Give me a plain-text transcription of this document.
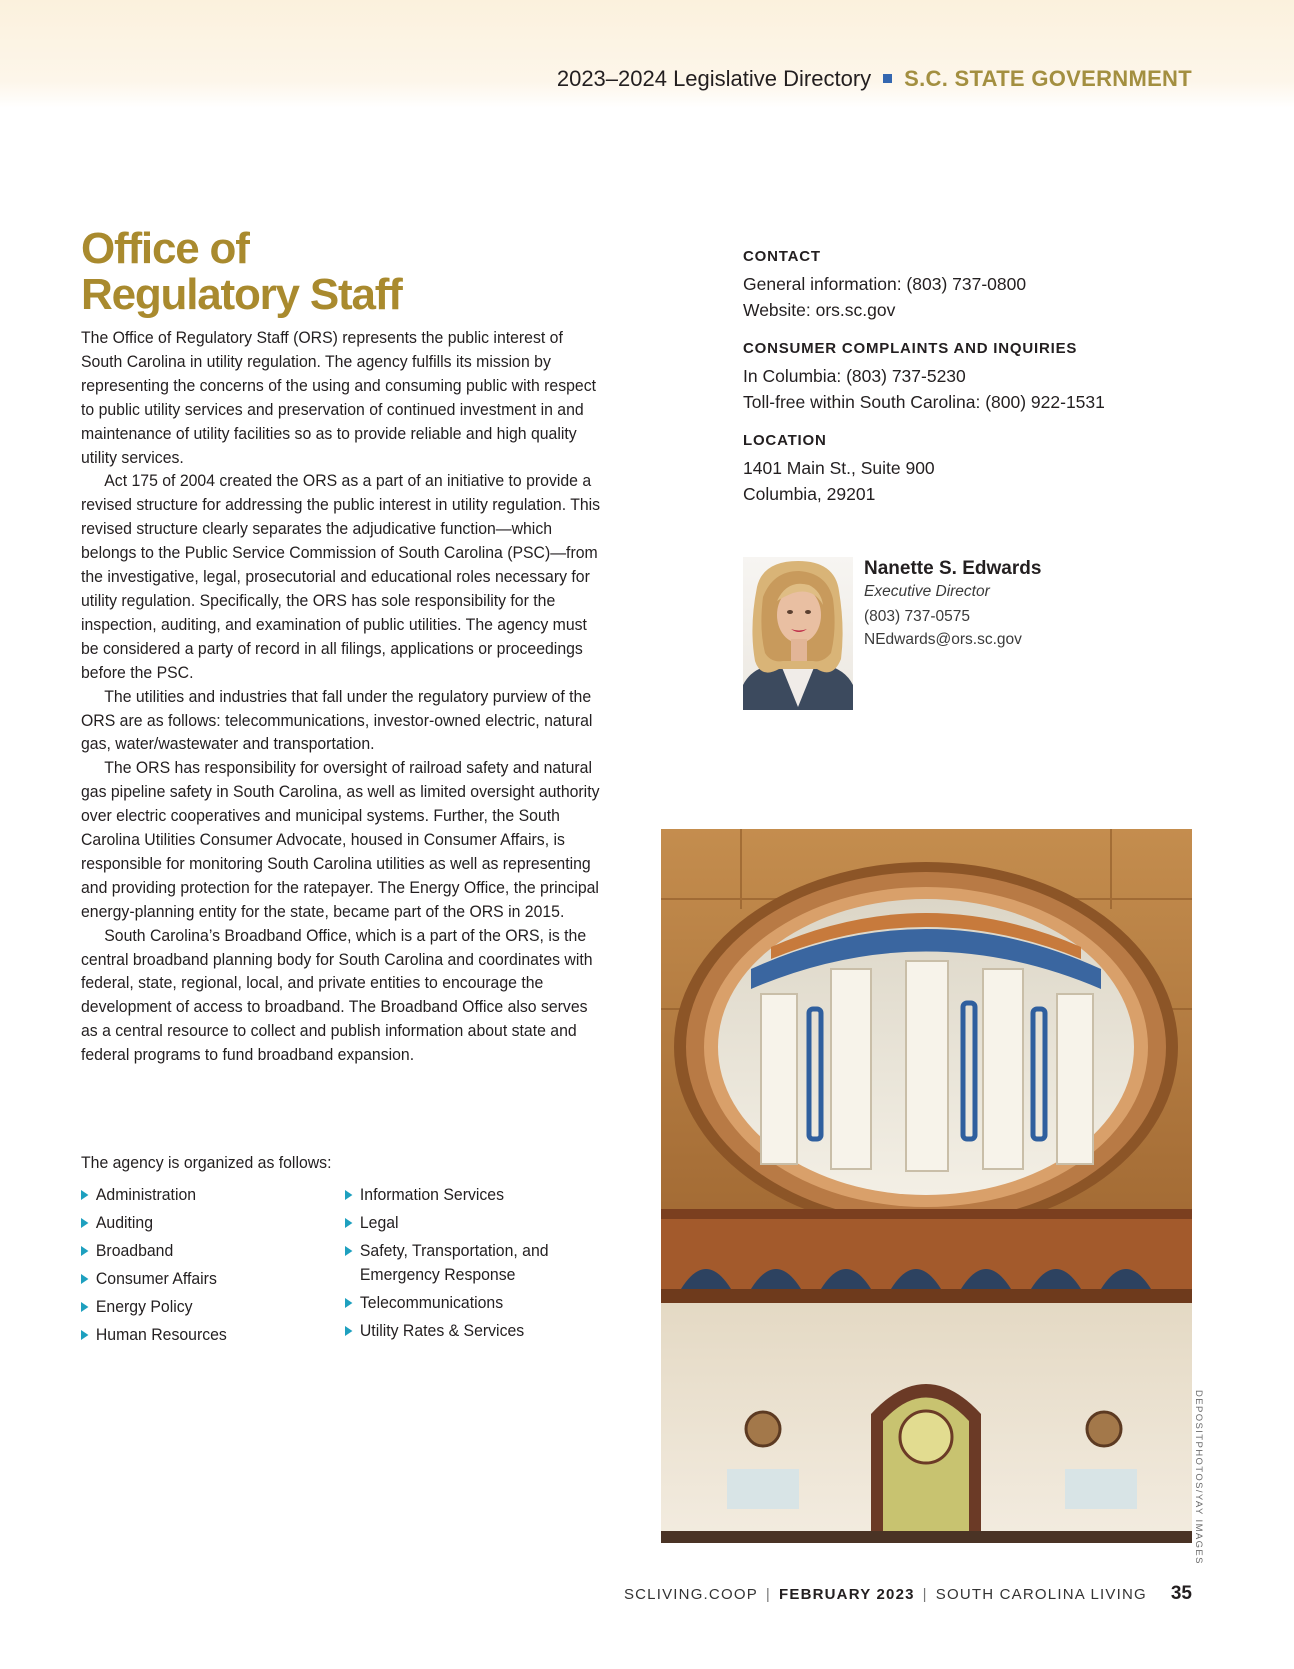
2023–2024 Legislative Directory S.C. STATE GOVERNMENT
Office of
Regulatory Staff

The Office of Regulatory Staff (ORS) represents the public interest of South Carolina in utility regulation. The agency fulfills its mission by representing the concerns of the using and consuming public with respect to public utility services and preservation of continued investment in and maintenance of utility facilities so as to provide reliable and high quality utility services.

Act 175 of 2004 created the ORS as a part of an initiative to provide a revised structure for addressing the public interest in utility regulation. This revised structure clearly separates the adjudicative function—which belongs to the Public Service Commission of South Carolina (PSC)—from the investigative, legal, prosecutorial and educational roles necessary for utility regulation. Specifically, the ORS has sole responsibility for the inspection, auditing, and examination of public utilities. The agency must be considered a party of record in all filings, applications or proceedings before the PSC.

The utilities and industries that fall under the regulatory purview of the ORS are as follows: telecommunications, investor-owned electric, natural gas, water/wastewater and transportation.

The ORS has responsibility for oversight of railroad safety and natural gas pipeline safety in South Carolina, as well as limited oversight authority over electric cooperatives and municipal systems. Further, the South Carolina Utilities Consumer Advocate, housed in Consumer Affairs, is responsible for monitoring South Carolina utilities as well as representing and providing protection for the ratepayer. The Energy Office, the principal energy-planning entity for the state, became part of the ORS in 2015.

South Carolina’s Broadband Office, which is a part of the ORS, is the central broadband planning body for South Carolina and coordinates with federal, state, regional, local, and private entities to encourage the development of access to broadband. The Broadband Office also serves as a central resource to collect and publish information about state and federal programs to fund broadband expansion.

The agency is organized as follows:
Administration
Auditing
Broadband
Consumer Affairs
Energy Policy
Human Resources
Information Services
Legal
Safety, Transportation, and Emergency Response
Telecommunications
Utility Rates & Services
CONTACT
General information: (803) 737-0800
Website: ors.sc.gov
CONSUMER COMPLAINTS AND INQUIRIES
In Columbia: (803) 737-5230
Toll-free within South Carolina: (800) 922-1531
LOCATION
1401 Main St., Suite 900
Columbia, 29201
Nanette S. Edwards
Executive Director
(803) 737-0575
NEdwards@ors.sc.gov
DEPOSITPHOTOS/YAY IMAGES
SCLIVING.COOP | FEBRUARY 2023 | SOUTH CAROLINA LIVING 35
